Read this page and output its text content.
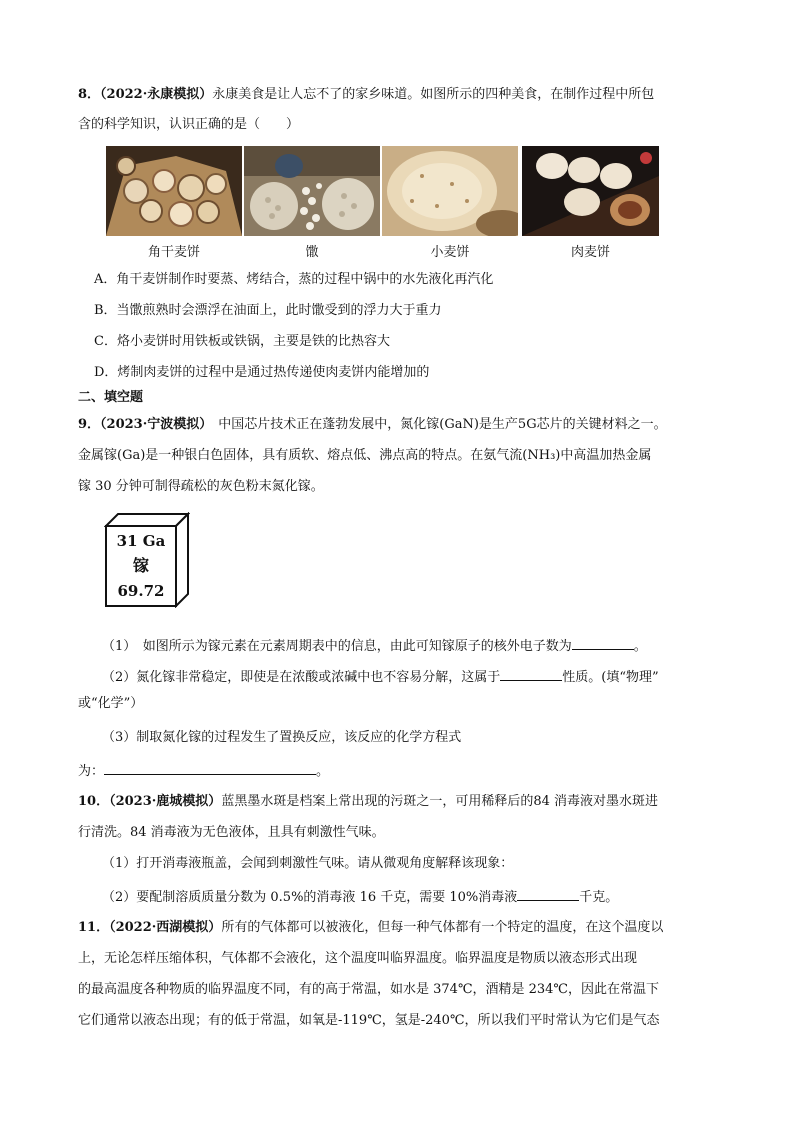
8．（2022·永康模拟）永康美食是让人忘不了的家乡味道。如图所示的四种美食，在制作过程中所包
含的科学知识，认识正确的是（　　）
角干麦饼	馓	小麦饼	肉麦饼
A．角干麦饼制作时要蒸、烤结合，蒸的过程中锅中的水先液化再汽化
B．当馓煎熟时会漂浮在油面上，此时馓受到的浮力大于重力
C．烙小麦饼时用铁板或铁锅，主要是铁的比热容大
D．烤制肉麦饼的过程中是通过热传递使肉麦饼内能增加的
二、填空题
9．（2023·宁波模拟） 中国芯片技术正在蓬勃发展中，氮化镓(GaN)是生产5G芯片的关键材料之一。
金属镓(Ga)是一种银白色固体，具有质软、熔点低、沸点高的特点。在氨气流(NH₃)中高温加热金属
镓 30 分钟可制得疏松的灰色粉末氮化镓。
31 Ga
镓
69.72
（1）　如图所示为镓元素在元素周期表中的信息，由此可知镓原子的核外电子数为	。
（2）氮化镓非常稳定，即使是在浓酸或浓碱中也不容易分解，这属于	性质。(填“物理”
或“化学”）
（3）制取氮化镓的过程发生了置换反应，该反应的化学方程式
为：	。
10．（2023·鹿城模拟）蓝黑墨水斑是档案上常出现的污斑之一，可用稀释后的84 消毒液对墨水斑进
行清洗。84 消毒液为无色液体，且具有刺激性气味。
（1）打开消毒液瓶盖，会闻到刺激性气味。请从微观角度解释该现象：
（2）要配制溶质质量分数为 0.5%的消毒液 16 千克，需要 10%消毒液	千克。
11．（2022·西湖模拟）所有的气体都可以被液化，但每一种气体都有一个特定的温度，在这个温度以
上，无论怎样压缩体积，气体都不会液化，这个温度叫临界温度。临界温度是物质以液态形式出现
的最高温度各种物质的临界温度不同，有的高于常温，如水是 374℃，酒精是 234℃，因此在常温下
它们通常以液态出现；有的低于常温，如氧是-119℃，氢是-240℃，所以我们平时常认为它们是气态
